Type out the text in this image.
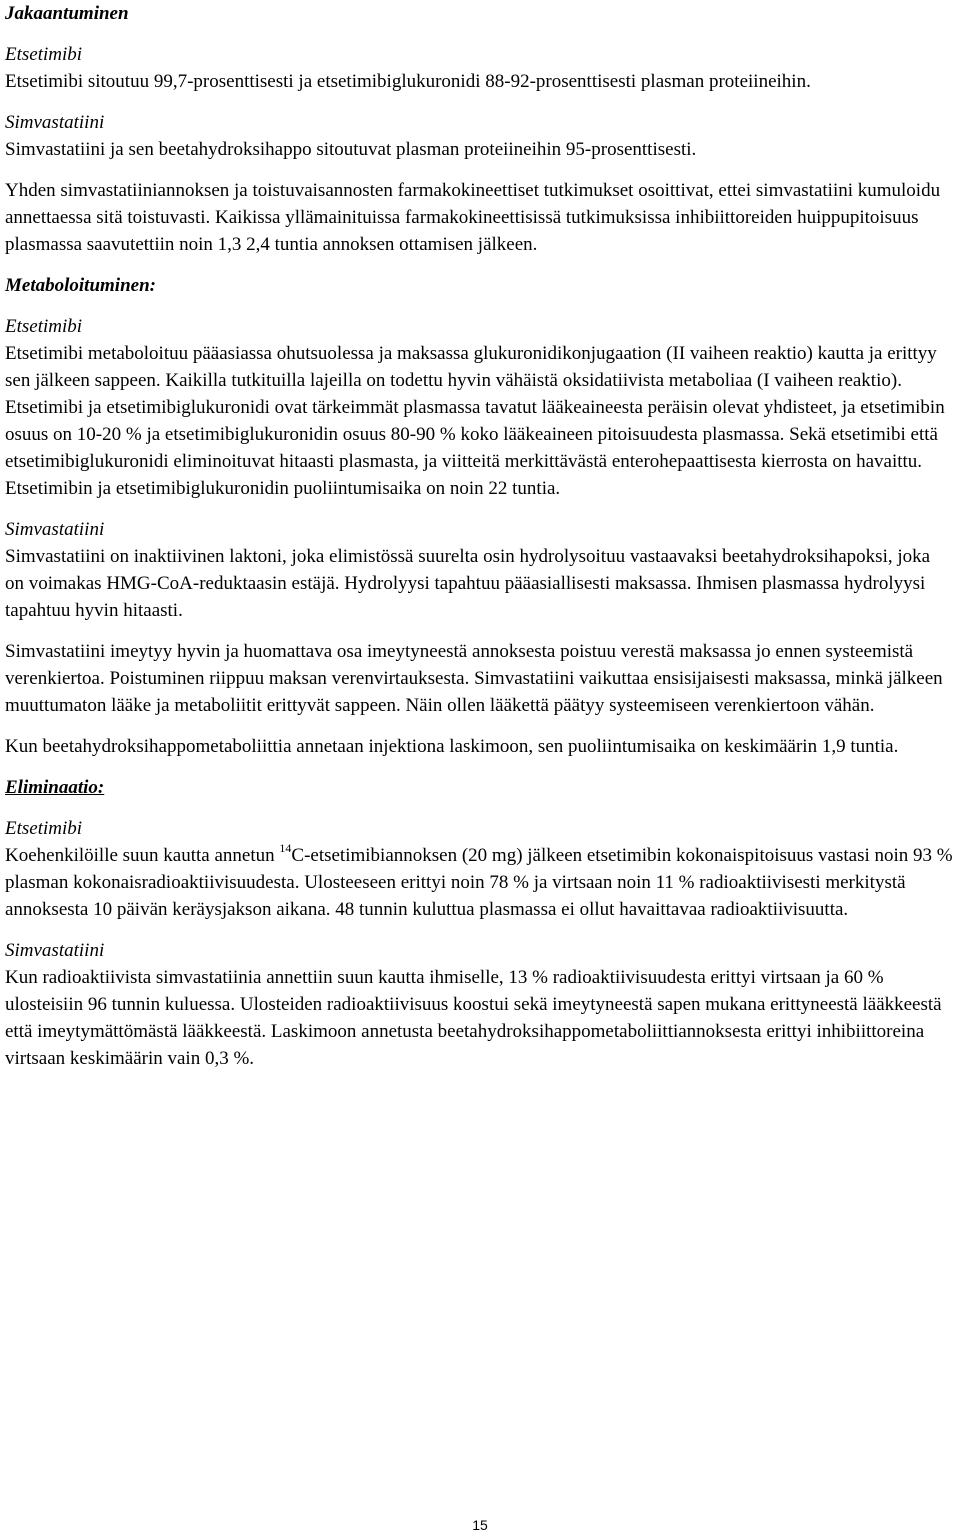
Jakaantuminen

Etsetimibi

Etsetimibi sitoutuu 99,7-prosenttisesti ja etsetimibiglukuronidi 88-92-prosenttisesti plasman proteiineihin.

Simvastatiini

Simvastatiini ja sen beetahydroksihappo sitoutuvat plasman proteiineihin 95-prosenttisesti.

Yhden simvastatiiniannoksen ja toistuvaisannosten farmakokineettiset tutkimukset osoittivat, ettei simvastatiini kumuloidu annettaessa sitä toistuvasti. Kaikissa yllämainituissa farmakokineettisissä tutkimuksissa inhibiittoreiden huippupitoisuus plasmassa saavutettiin noin 1,3 2,4 tuntia annoksen ottamisen jälkeen.

Metaboloituminen:

Etsetimibi

Etsetimibi metaboloituu pääasiassa ohutsuolessa ja maksassa glukuronidikonjugaation (II vaiheen reaktio) kautta ja erittyy sen jälkeen sappeen. Kaikilla tutkituilla lajeilla on todettu hyvin vähäistä oksidatiivista metaboliaa (I vaiheen reaktio). Etsetimibi ja etsetimibiglukuronidi ovat tärkeimmät plasmassa tavatut lääkeaineesta peräisin olevat yhdisteet, ja etsetimibin osuus on 10-20 % ja etsetimibiglukuronidin osuus 80-90 % koko lääkeaineen pitoisuudesta plasmassa. Sekä etsetimibi että etsetimibiglukuronidi eliminoituvat hitaasti plasmasta, ja viitteitä merkittävästä enterohepaattisesta kierrosta on havaittu. Etsetimibin ja etsetimibiglukuronidin puoliintumisaika on noin 22 tuntia.

Simvastatiini

Simvastatiini on inaktiivinen laktoni, joka elimistössä suurelta osin hydrolysoituu vastaavaksi beetahydroksihapoksi, joka on voimakas HMG-CoA-reduktaasin estäjä. Hydrolyysi tapahtuu pääasiallisesti maksassa. Ihmisen plasmassa hydrolyysi tapahtuu hyvin hitaasti.

Simvastatiini imeytyy hyvin ja huomattava osa imeytyneestä annoksesta poistuu verestä maksassa jo ennen systeemistä verenkiertoa. Poistuminen riippuu maksan verenvirtauksesta. Simvastatiini vaikuttaa ensisijaisesti maksassa, minkä jälkeen muuttumaton lääke ja metaboliitit erittyvät sappeen. Näin ollen lääkettä päätyy systeemiseen verenkiertoon vähän.

Kun beetahydroksihappometaboliittia annetaan injektiona laskimoon, sen puoliintumisaika on keskimäärin 1,9 tuntia.

Eliminaatio:

Etsetimibi

Koehenkilöille suun kautta annetun $^{14}$C-etsetimibiannoksen (20 mg) jälkeen etsetimibin kokonaispitoisuus vastasi noin 93 % plasman kokonaisradioaktiivisuudesta. Ulosteeseen erittyi noin 78 % ja virtsaan noin 11 % radioaktiivisesti merkitystä annoksesta 10 päivän keräysjakson aikana. 48 tunnin kuluttua plasmassa ei ollut havaittavaa radioaktiivisuutta.

Simvastatiini

Kun radioaktiivista simvastatiinia annettiin suun kautta ihmiselle, 13 % radioaktiivisuudesta erittyi virtsaan ja 60 % ulosteisiin 96 tunnin kuluessa. Ulosteiden radioaktiivisuus koostui sekä imeytyneestä sapen mukana erittyneestä lääkkeestä että imeytymättömästä lääkkeestä. Laskimoon annetusta beetahydroksihappometaboliittiannoksesta erittyi inhibiittoreina virtsaan keskimäärin vain 0,3 %.

15
